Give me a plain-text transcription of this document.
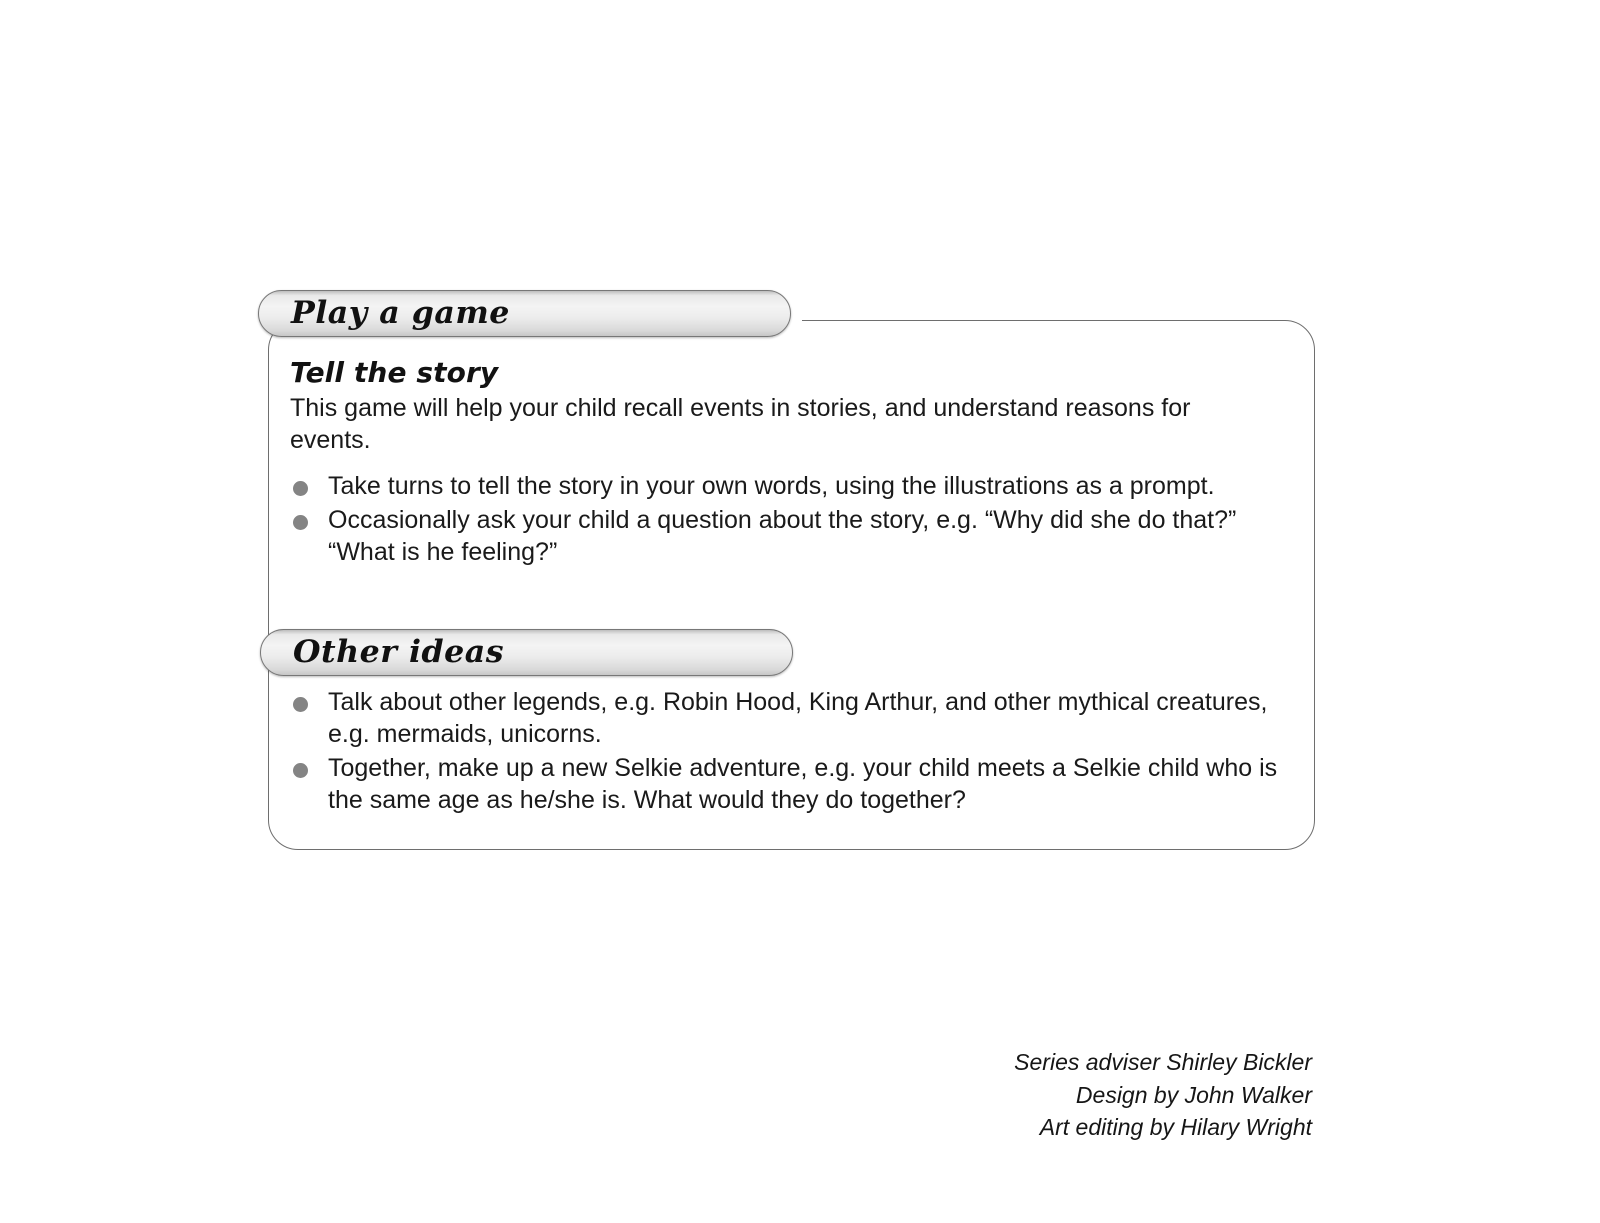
Play a game
Tell the story

This game will help your child recall events in stories, and understand reasons for events.

Take turns to tell the story in your own words, using the illustrations as a prompt.
Occasionally ask your child a question about the story, e.g. “Why did she do that?” “What is he feeling?”
Other ideas
Talk about other legends, e.g. Robin Hood, King Arthur, and other mythical creatures, e.g. mermaids, unicorns.
Together, make up a new Selkie adventure, e.g. your child meets a Selkie child who is the same age as he/she is. What would they do together?
Series adviser Shirley Bickler
Design by John Walker
Art editing by Hilary Wright
